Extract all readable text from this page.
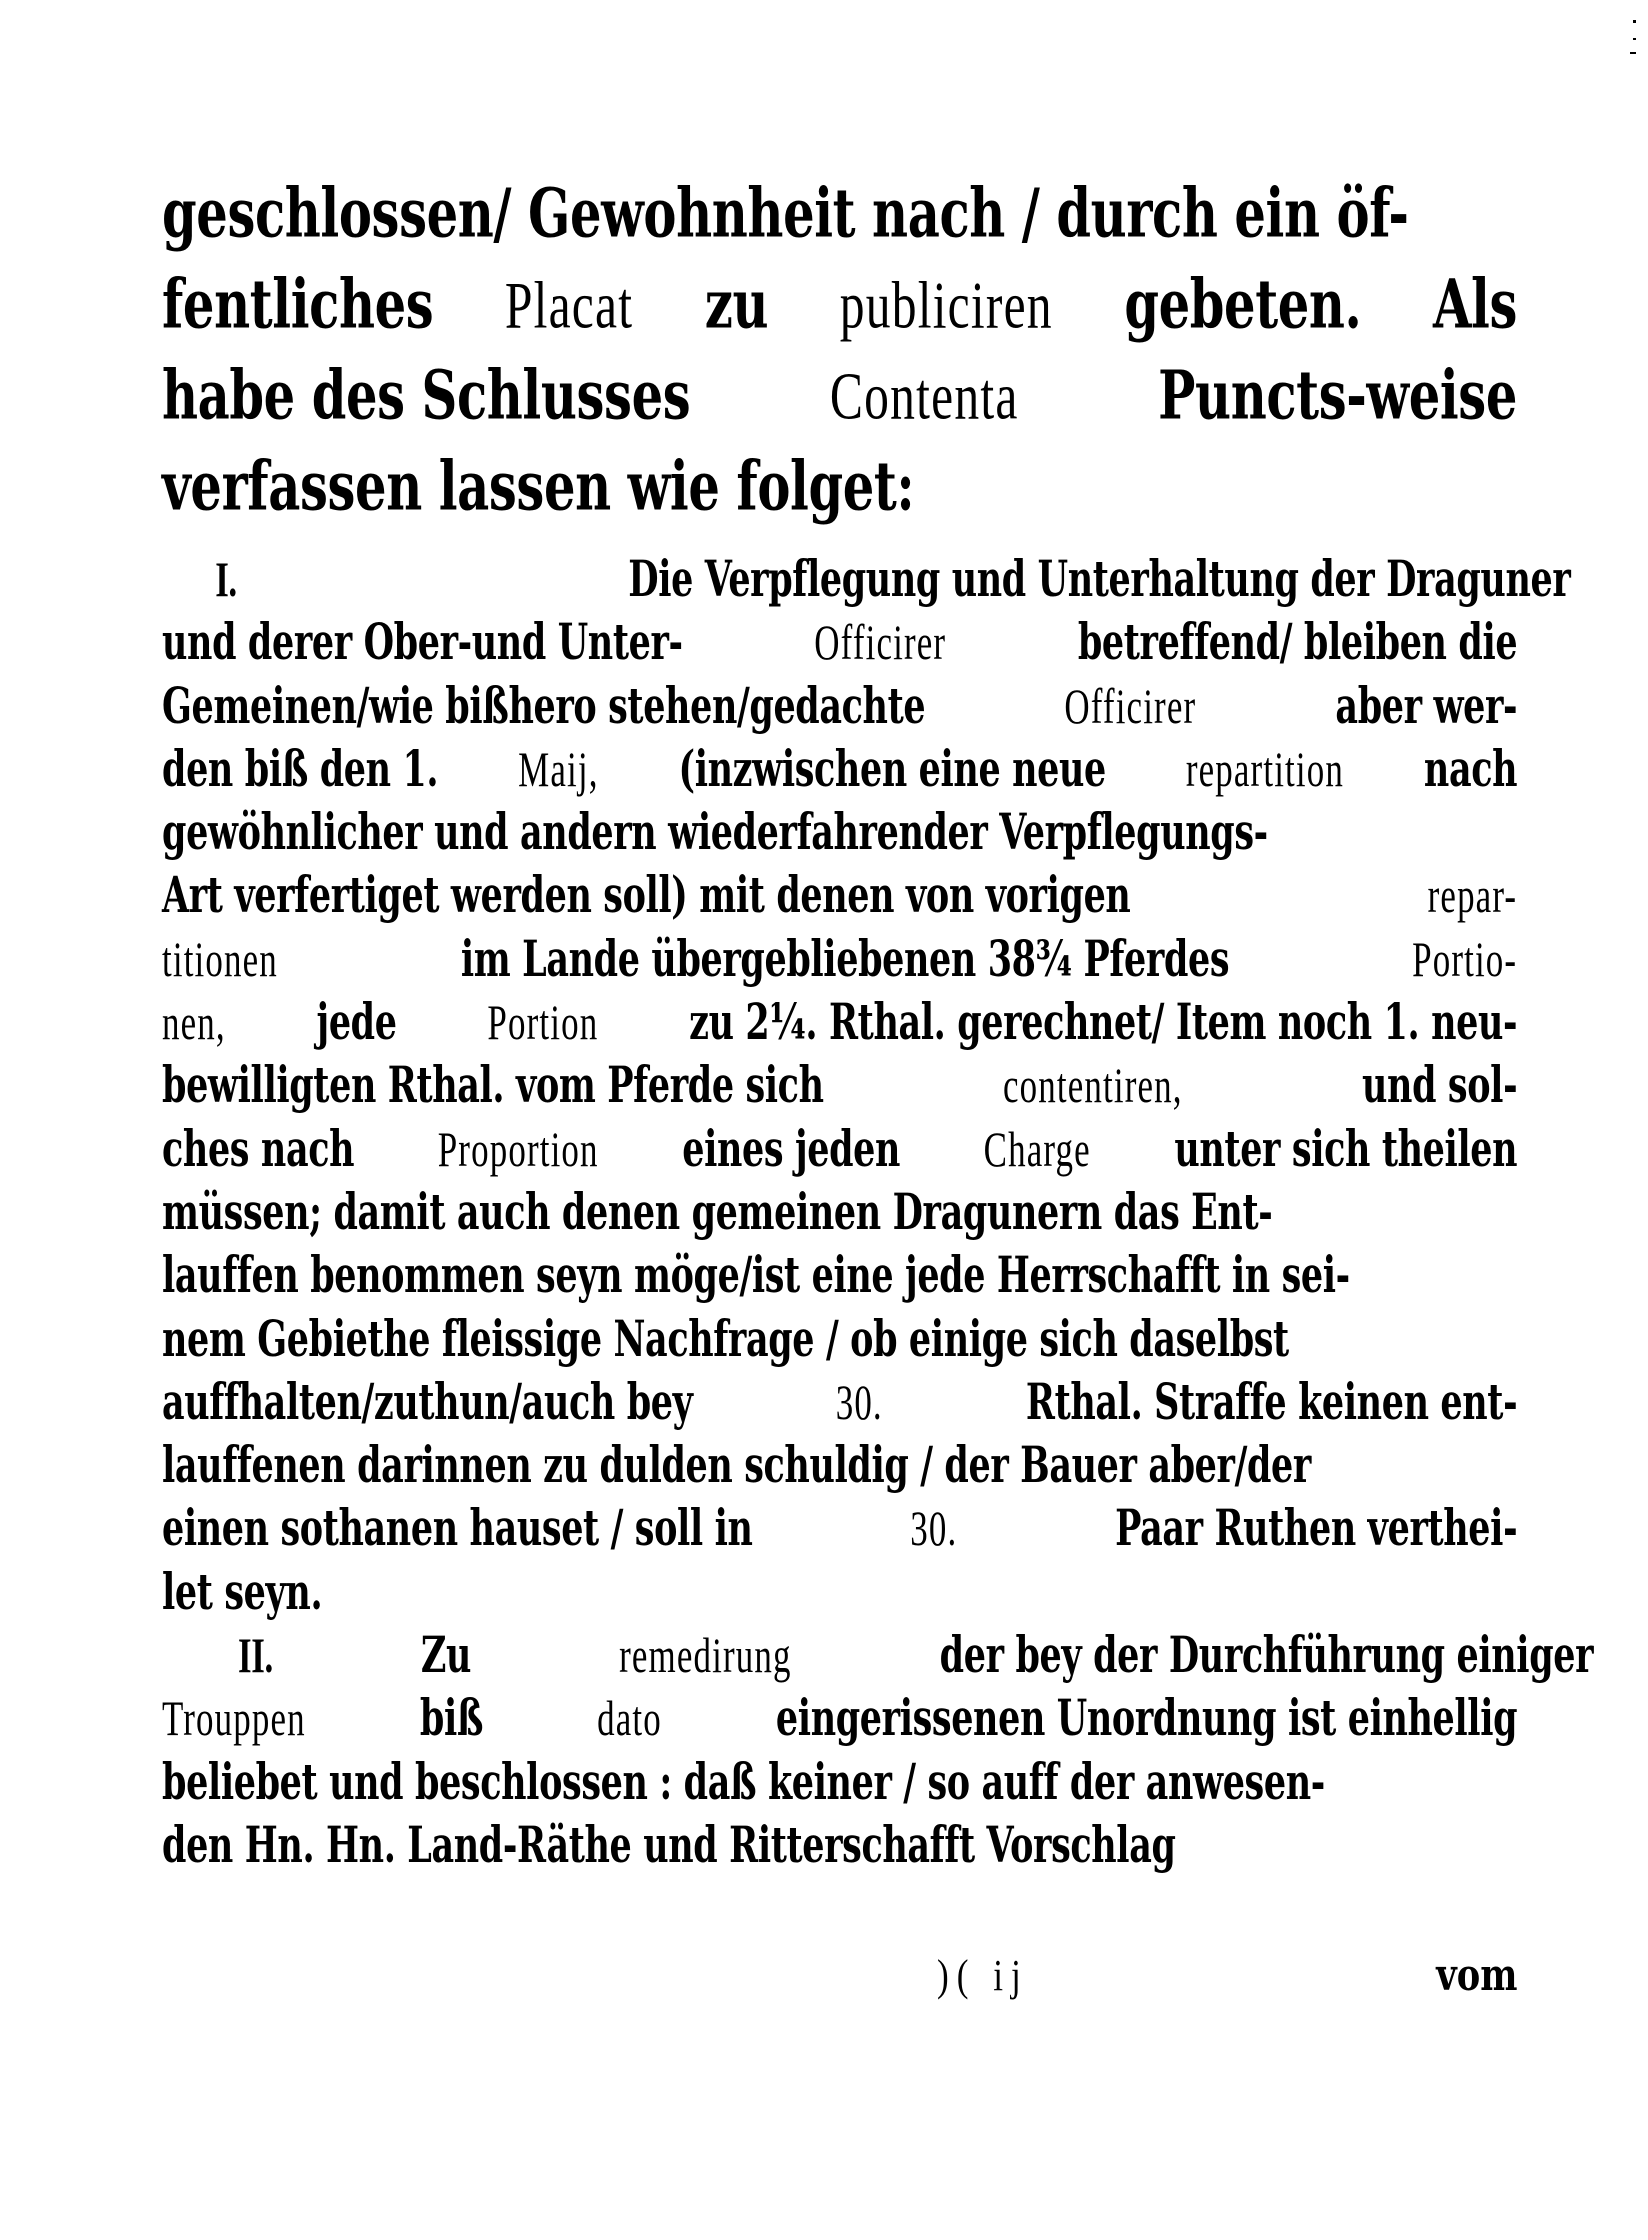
geschlossen/ Gewohnheit nach / durch ein öf-
fentliches Placat zu publiciren gebeten. Als
habe des Schlusses Contenta Puncts-weise
verfassen lassen wie folget:
I.	Die Verpflegung und Unterhaltung der Draguner
und derer Ober-und Unter-	Officirer	betreffend/ bleiben die
Gemeinen/wie bißhero stehen/gedachte	Officirer	aber wer-
den biß den 1. Maij, (inzwischen eine neue repartition nach
gewöhnlicher und andern wiederfahrender Verpflegungs-
Art verfertiget werden soll) mit denen von vorigen	repar-
titionen	im Lande übergebliebenen 38¾ Pferdes	Portio-
nen, jede Portion zu 2¼. Rthal. gerechnet/ Item noch 1. neu-
bewilligten Rthal. vom Pferde sich	contentiren,	und sol-
ches nach Proportion eines jeden Charge unter sich theilen
müssen; damit auch denen gemeinen Dragunern das Ent-
lauffen benommen seyn möge/ist eine jede Herrschafft in sei-
nem Gebiethe fleissige Nachfrage / ob einige sich daselbst
auffhalten/zuthun/auch bey	30.	Rthal. Straffe keinen ent-
lauffenen darinnen zu dulden schuldig / der Bauer aber/der
einen sothanen hauset / soll in	30.	Paar Ruthen verthei-
let seyn.
II.	Zu	remedirung	der bey der Durchführung einiger
Trouppen biß dato eingerissenen Unordnung ist einhellig
beliebet und beschlossen : daß keiner / so auff der anwesen-
den Hn. Hn. Land-Räthe und Ritterschafft Vorschlag
)( ij	vom
